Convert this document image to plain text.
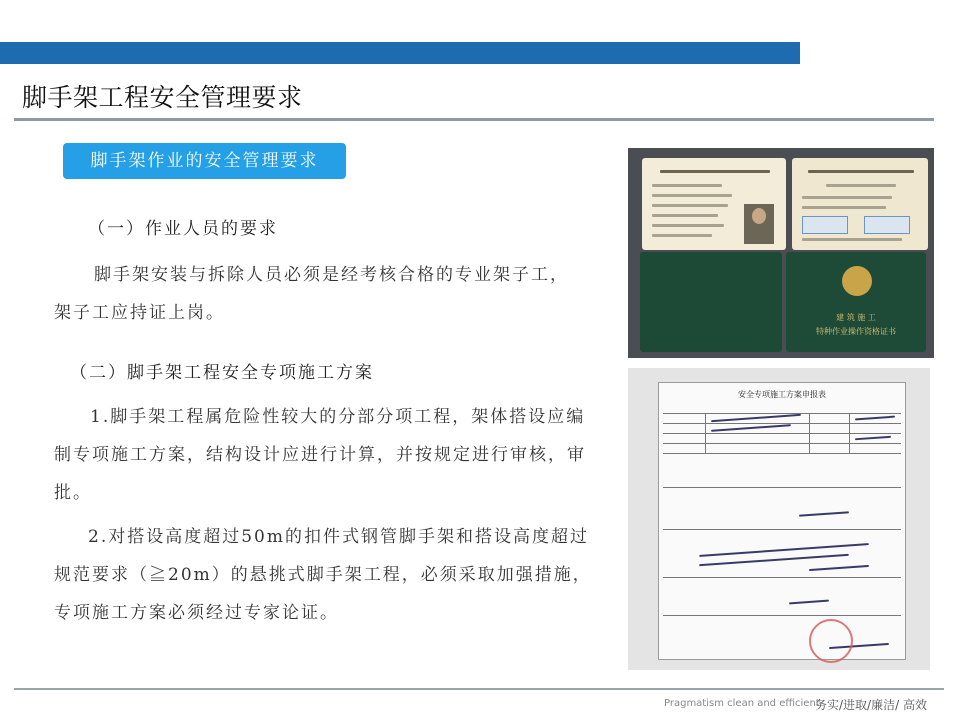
脚手架工程安全管理要求
脚手架作业的安全管理要求
（一）作业人员的要求

脚手架安装与拆除人员必须是经考核合格的专业架子工，架子工应持证上岗。

（二）脚手架工程安全专项施工方案

1.脚手架工程属危险性较大的分部分项工程，架体搭设应编制专项施工方案，结构设计应进行计算，并按规定进行审核，审批。

2.对搭设高度超过50m的扣件式钢管脚手架和搭设高度超过规范要求（≧20m）的悬挑式脚手架工程，必须采取加强措施，专项施工方案必须经过专家论证。

建 筑 施 工
特种作业操作资格证书
安全专项施工方案申报表
Pragmatism clean and efficient
务实/进取/廉洁/ 高效
